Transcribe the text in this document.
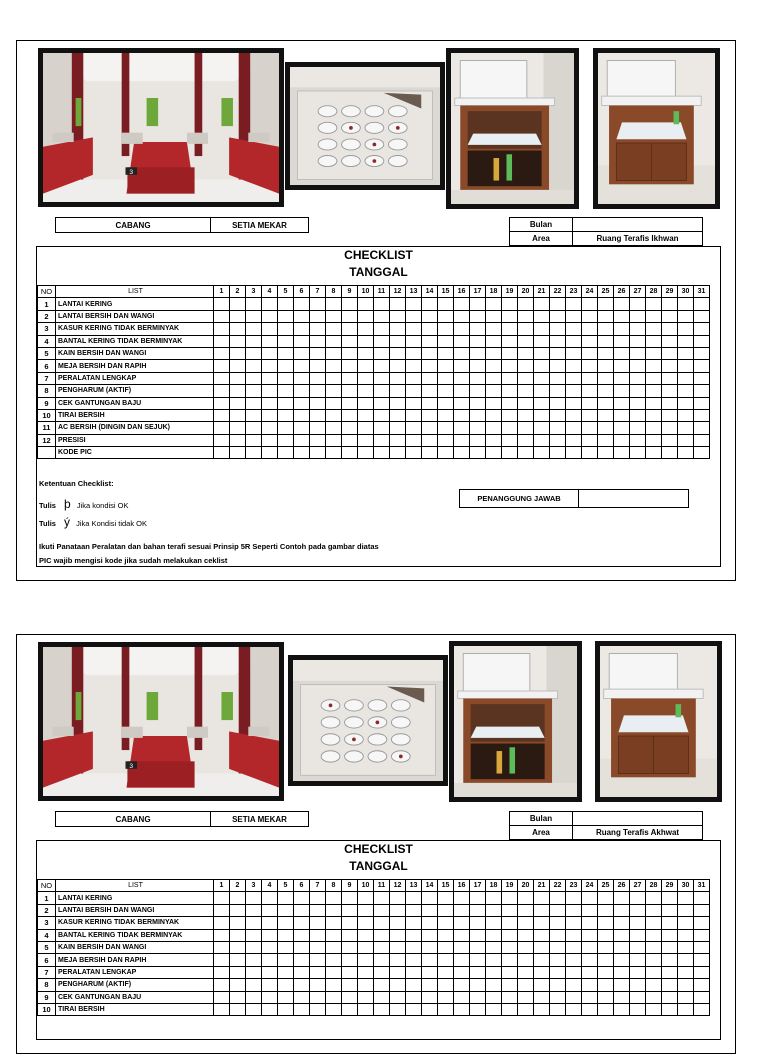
3
CABANG	SETIA MEKAR	Bulan
Area	Ruang Terafis Ikhwan
CHECKLIST
TANGGAL
NO	LIST	1	2	3	4	5	6	7	8	9	10	11	12	13	14	15	16	17	18	19	20	21	22	23	24	25	26	27	28	29	30	31
1	LANTAI KERING																															
2	LANTAI BERSIH DAN WANGI																															
3	KASUR KERING TIDAK BERMINYAK																															
4	BANTAL KERING TIDAK BERMINYAK																															
5	KAIN BERSIH DAN WANGI																															
6	MEJA BERSIH DAN RAPIH																															
7	PERALATAN LENGKAP																															
8	PENGHARUM (AKTIF)																															
9	CEK GANTUNGAN BAJU																															
10	TIRAI BERSIH																															
11	AC BERSIH (DINGIN DAN SEJUK)																															
12	PRESISI																															
	KODE PIC																															
Ketentuan Checklist:
Tulis þ Jika kondisi OK
Tulis ý Jika Kondisi tidak OK
Ikuti Panataan Peralatan dan bahan terafi sesuai Prinsip 5R Seperti Contoh pada gambar diatas
PIC wajib mengisi kode jika sudah melakukan ceklist
PENANGGUNG JAWAB
3
CABANG	SETIA MEKAR	Bulan
Area	Ruang Terafis Akhwat
CHECKLIST
TANGGAL
NO	LIST	1	2	3	4	5	6	7	8	9	10	11	12	13	14	15	16	17	18	19	20	21	22	23	24	25	26	27	28	29	30	31
1	LANTAI KERING																															
2	LANTAI BERSIH DAN WANGI																															
3	KASUR KERING TIDAK BERMINYAK																															
4	BANTAL KERING TIDAK BERMINYAK																															
5	KAIN BERSIH DAN WANGI																															
6	MEJA BERSIH DAN RAPIH																															
7	PERALATAN LENGKAP																															
8	PENGHARUM (AKTIF)																															
9	CEK GANTUNGAN BAJU																															
10	TIRAI BERSIH																															
